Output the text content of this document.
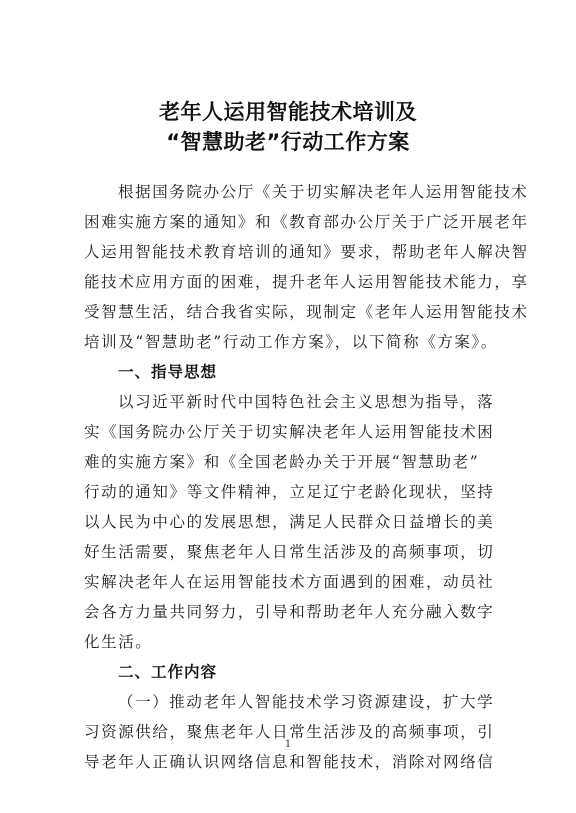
老年人运用智能技术培训及
“智慧助老”行动工作方案
根据国务院办公厅《关于切实解决老年人运用智能技术
困难实施方案的通知》和《教育部办公厅关于广泛开展老年
人运用智能技术教育培训的通知》要求，帮助老年人解决智
能技术应用方面的困难，提升老年人运用智能技术能力，享
受智慧生活，结合我省实际，现制定《老年人运用智能技术
培训及“智慧助老”行动工作方案》，以下简称《方案》。
一、指导思想
以习近平新时代中国特色社会主义思想为指导，落
实《国务院办公厅关于切实解决老年人运用智能技术困
难的实施方案》和《全国老龄办关于开展“智慧助老”
行动的通知》等文件精神，立足辽宁老龄化现状，坚持
以人民为中心的发展思想，满足人民群众日益增长的美
好生活需要，聚焦老年人日常生活涉及的高频事项，切
实解决老年人在运用智能技术方面遇到的困难，动员社
会各方力量共同努力，引导和帮助老年人充分融入数字
化生活。
二、工作内容
（一）推动老年人智能技术学习资源建设，扩大学
习资源供给，聚焦老年人日常生活涉及的高频事项，引
导老年人正确认识网络信息和智能技术，消除对网络信
1
